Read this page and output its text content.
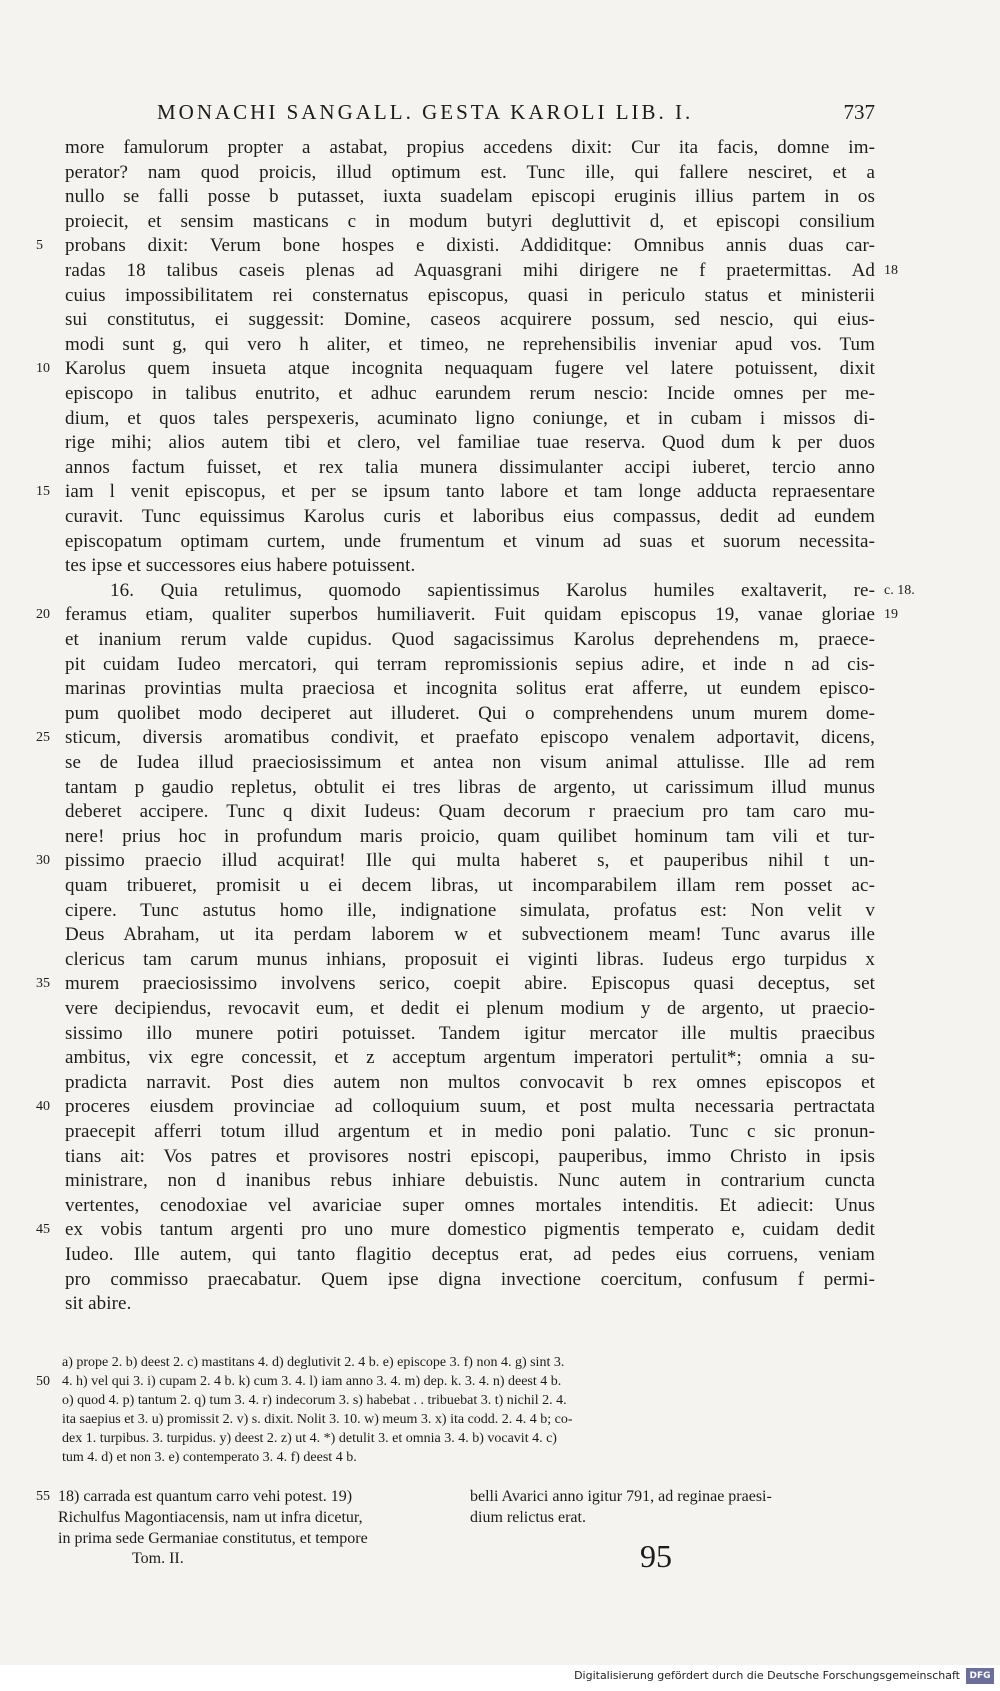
MONACHI SANGALL. GESTA KAROLI LIB. I.	737
more famulorum propter a astabat, propius accedens dixit: Cur ita facis, domne im-
perator? nam quod proicis, illud optimum est. Tunc ille, qui fallere nesciret, et a
nullo se falli posse b putasset, iuxta suadelam episcopi eruginis illius partem in os
proiecit, et sensim masticans c in modum butyri degluttivit d, et episcopi consilium
probans dixit: Verum bone hospes e dixisti. Addiditque: Omnibus annis duas car-
5
radas 18 talibus caseis plenas ad Aquasgrani mihi dirigere ne f praetermittas. Ad 18
cuius impossibilitatem rei consternatus episcopus, quasi in periculo status et ministerii
sui constitutus, ei suggessit: Domine, caseos acquirere possum, sed nescio, qui eius-
modi sunt g, qui vero h aliter, et timeo, ne reprehensibilis inveniar apud vos. Tum
Karolus quem insueta atque incognita nequaquam fugere vel latere potuissent, dixit
10
episcopo in talibus enutrito, et adhuc earundem rerum nescio: Incide omnes per me-
dium, et quos tales perspexeris, acuminato ligno coniunge, et in cubam i missos di-
rige mihi; alios autem tibi et clero, vel familiae tuae reserva. Quod dum k per duos
annos factum fuisset, et rex talia munera dissimulanter accipi iuberet, tercio anno
iam l venit episcopus, et per se ipsum tanto labore et tam longe adducta repraesentare
15
curavit. Tunc equissimus Karolus curis et laboribus eius compassus, dedit ad eundem
episcopatum optimam curtem, unde frumentum et vinum ad suas et suorum necessita-
tes ipse et successores eius habere potuissent.
16. Quia retulimus, quomodo sapientissimus Karolus humiles exaltaverit, re- c. 18.
feramus etiam, qualiter superbos humiliaverit. Fuit quidam episcopus 19, vanae gloriae
20	19
et inanium rerum valde cupidus. Quod sagacissimus Karolus deprehendens m, praece-
pit cuidam Iudeo mercatori, qui terram repromissionis sepius adire, et inde n ad cis-
marinas provintias multa praeciosa et incognita solitus erat afferre, ut eundem episco-
pum quolibet modo deciperet aut illuderet. Qui o comprehendens unum murem dome-
sticum, diversis aromatibus condivit, et praefato episcopo venalem adportavit, dicens,
25
se de Iudea illud praeciosissimum et antea non visum animal attulisse. Ille ad rem
tantam p gaudio repletus, obtulit ei tres libras de argento, ut carissimum illud munus
deberet accipere. Tunc q dixit Iudeus: Quam decorum r praecium pro tam caro mu-
nere! prius hoc in profundum maris proicio, quam quilibet hominum tam vili et tur-
pissimo praecio illud acquirat! Ille qui multa haberet s, et pauperibus nihil t un-
30
quam tribueret, promisit u ei decem libras, ut incomparabilem illam rem posset ac-
cipere. Tunc astutus homo ille, indignatione simulata, profatus est: Non velit v
Deus Abraham, ut ita perdam laborem w et subvectionem meam! Tunc avarus ille
clericus tam carum munus inhians, proposuit ei viginti libras. Iudeus ergo turpidus x
murem praeciosissimo involvens serico, coepit abire. Episcopus quasi deceptus, set
35
vere decipiendus, revocavit eum, et dedit ei plenum modium y de argento, ut praecio-
sissimo illo munere potiri potuisset. Tandem igitur mercator ille multis praecibus
ambitus, vix egre concessit, et z acceptum argentum imperatori pertulit*; omnia a su-
pradicta narravit. Post dies autem non multos convocavit b rex omnes episcopos et
proceres eiusdem provinciae ad colloquium suum, et post multa necessaria pertractata
40
praecepit afferri totum illud argentum et in medio poni palatio. Tunc c sic pronun-
tians ait: Vos patres et provisores nostri episcopi, pauperibus, immo Christo in ipsis
ministrare, non d inanibus rebus inhiare debuistis. Nunc autem in contrarium cuncta
vertentes, cenodoxiae vel avariciae super omnes mortales intenditis. Et adiecit: Unus
ex vobis tantum argenti pro uno mure domestico pigmentis temperato e, cuidam dedit
45
Iudeo. Ille autem, qui tanto flagitio deceptus erat, ad pedes eius corruens, veniam
pro commisso praecabatur. Quem ipse digna invectione coercitum, confusum f permi-
sit abire.
a) prope 2. b) deest 2. c) mastitans 4. d) deglutivit 2. 4 b. e) episcope 3. f) non 4. g) sint 3.
4. h) vel qui 3. i) cupam 2. 4 b. k) cum 3. 4. l) iam anno 3. 4. m) dep. k. 3. 4. n) deest 4 b.
50
o) quod 4. p) tantum 2. q) tum 3. 4. r) indecorum 3. s) habebat . . tribuebat 3. t) nichil 2. 4.
ita saepius et 3. u) promissit 2. v) s. dixit. Nolit 3. 10. w) meum 3. x) ita codd. 2. 4. 4 b; co-
dex 1. turpibus. 3. turpidus. y) deest 2. z) ut 4. *) detulit 3. et omnia 3. 4. b) vocavit 4. c)
tum 4. d) et non 3. e) contemperato 3. 4. f) deest 4 b.
18) carrada est quantum carro vehi potest. 19)
55
Richulfus Magontiacensis, nam ut infra dicetur,
in prima sede Germaniae constitutus, et tempore
belli Avarici anno igitur 791, ad reginae praesi-
dium relictus erat.
Tom. II.	95
Digitalisierung gefördert durch die Deutsche Forschungsgemeinschaft	DFG
